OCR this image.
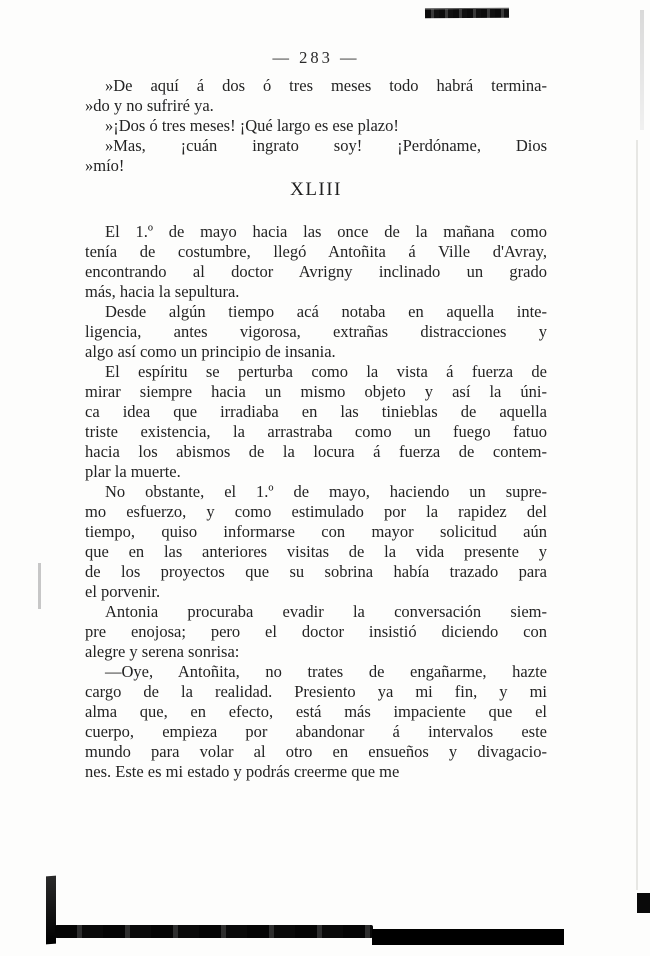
— 283 —
»De aquí á dos ó tres meses todo habrá termina-
»do y no sufriré ya.
»¡Dos ó tres meses! ¡Qué largo es ese plazo!
»Mas, ¡cuán ingrato soy! ¡Perdóname, Dios
»mío!
XLIII
El 1.º de mayo hacia las once de la mañana como
tenía de costumbre, llegó Antoñita á Ville d'Avray,
encontrando al doctor Avrigny inclinado un grado
más, hacia la sepultura.
Desde algún tiempo acá notaba en aquella inte-
ligencia, antes vigorosa, extrañas distracciones y
algo así como un principio de insania.
El espíritu se perturba como la vista á fuerza de
mirar siempre hacia un mismo objeto y así la úni-
ca idea que irradiaba en las tinieblas de aquella
triste existencia, la arrastraba como un fuego fatuo
hacia los abismos de la locura á fuerza de contem-
plar la muerte.
No obstante, el 1.º de mayo, haciendo un supre-
mo esfuerzo, y como estimulado por la rapidez del
tiempo, quiso informarse con mayor solicitud aún
que en las anteriores visitas de la vida presente y
de los proyectos que su sobrina había trazado para
el porvenir.
Antonia procuraba evadir la conversación siem-
pre enojosa; pero el doctor insistió diciendo con
alegre y serena sonrisa:
—Oye, Antoñita, no trates de engañarme, hazte
cargo de la realidad. Presiento ya mi fin, y mi
alma que, en efecto, está más impaciente que el
cuerpo, empieza por abandonar á intervalos este
mundo para volar al otro en ensueños y divagacio-
nes. Este es mi estado y podrás creerme que me
